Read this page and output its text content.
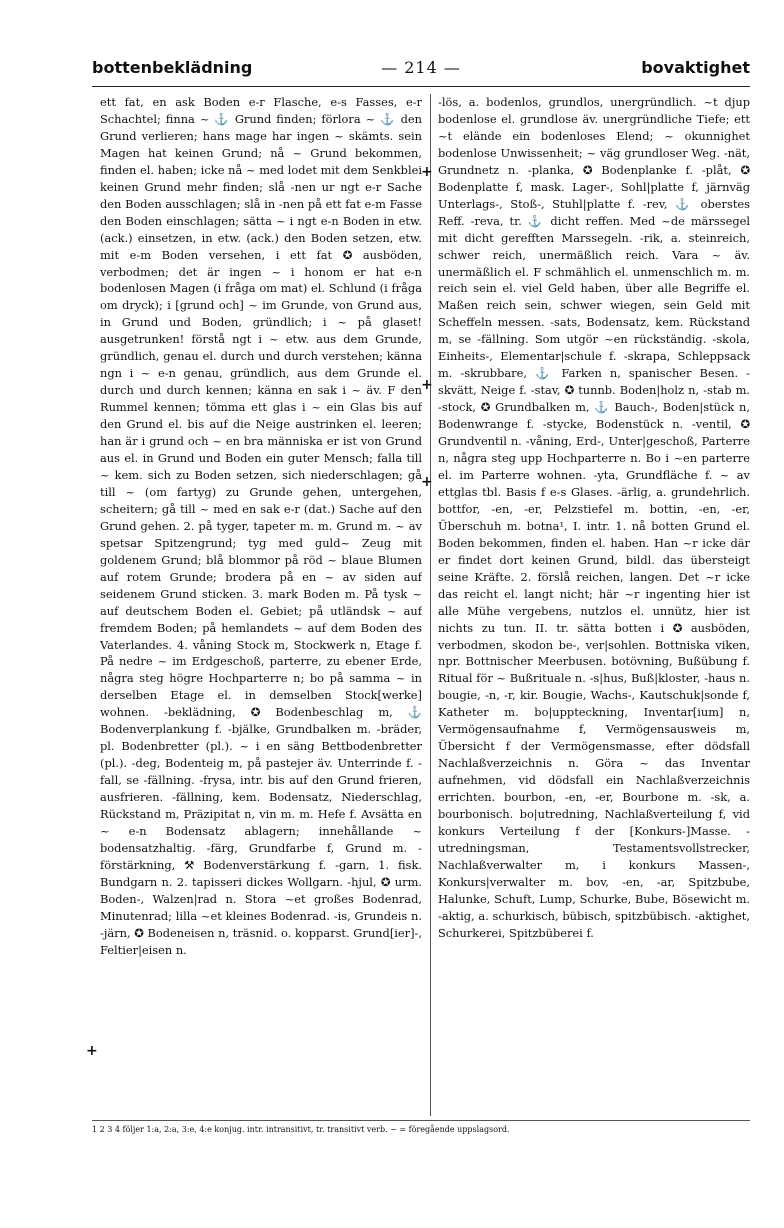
bottenbeklädning	— 214 —	bovaktighet

ett fat, en ask Boden e-r Flasche, e-s Fasses, e-r Schachtel; finna ~ ⚓ Grund finden; förlora ~ ⚓ den Grund verlieren; hans mage har ingen ~ skämts. sein Magen hat keinen Grund; nå ~ Grund bekommen, finden el. haben; icke nå ~ med lodet mit dem Senkblei keinen Grund mehr finden; slå -nen ur ngt e-r Sache den Boden ausschlagen; slå in -nen på ett fat e-m Fasse den Boden einschlagen; sätta ~ i ngt e-n Boden in etw. (ack.) einsetzen, in etw. (ack.) den Boden setzen, etw. mit e-m Boden versehen, i ett fat ✪ ausböden, verbodmen; det är ingen ~ i honom er hat e-n bodenlosen Magen (i fråga om mat) el. Schlund (i fråga om dryck); i [grund och] ~ im Grunde, von Grund aus, in Grund und Boden, gründlich; i ~ på glaset! ausgetrunken! förstå ngt i ~ etw. aus dem Grunde, gründlich, genau el. durch und durch verstehen; känna ngn i ~ e-n genau, gründlich, aus dem Grunde el. durch und durch kennen; känna en sak i ~ äv. F den Rummel kennen; tömma ett glas i ~ ein Glas bis auf den Grund el. bis auf die Neige austrinken el. leeren; han är i grund och ~ en bra människa er ist von Grund aus el. in Grund und Boden ein guter Mensch; falla till ~ kem. sich zu Boden setzen, sich niederschlagen; gå till ~ (om fartyg) zu Grunde gehen, untergehen, scheitern; gå till ~ med en sak e-r (dat.) Sache auf den Grund gehen. 2. på tyger, tapeter m. m. Grund m. ~ av spetsar Spitzengrund; tyg med guld~ Zeug mit goldenem Grund; blå blommor på röd ~ blaue Blumen auf rotem Grunde; brodera på en ~ av siden auf seidenem Grund sticken. 3. mark Boden m. På tysk ~ auf deutschem Boden el. Gebiet; på utländsk ~ auf fremdem Boden; på hemlandets ~ auf dem Boden des Vaterlandes. 4. våning Stock m, Stockwerk n, Etage f. På nedre ~ im Erdgeschoß, parterre, zu ebener Erde, några steg högre Hochparterre n; bo på samma ~ in derselben Etage el. in demselben Stock[werke] wohnen. -beklädning, ✪ Bodenbeschlag m, ⚓ Bodenverplankung f. -bjälke, Grundbalken m. -bräder, pl. Bodenbretter (pl.). ~ i en säng Bettbodenbretter (pl.). -deg, Bodenteig m, på pastejer äv. Unterrinde f. -fall, se -fällning. -frysa, intr. bis auf den Grund frieren, ausfrieren. -fällning, kem. Bodensatz, Niederschlag, Rückstand m, Präzipitat n, vin m. m. Hefe f. Avsätta en ~ e-n Bodensatz ablagern; innehållande ~ bodensatzhaltig. -färg, Grundfarbe f, Grund m. -förstärkning, ⚒ Bodenverstärkung f. -garn, 1. fisk. Bundgarn n. 2. tapisseri dickes Wollgarn. -hjul, ✪ urm. Boden-, Walzen|rad n. Stora ~et großes Bodenrad, Minutenrad; lilla ~et kleines Bodenrad. -is, Grundeis n. -järn, ✪ Bodeneisen n, träsnid. o. kopparst. Grund[ier]-, Feltier|eisen n.

+
+
+
+

-lös, a. bodenlos, grundlos, unergründlich. ~t djup bodenlose el. grundlose äv. unergründliche Tiefe; ett ~t elände ein bodenloses Elend; ~ okunnighet bodenlose Unwissenheit; ~ väg grundloser Weg. -nät, Grundnetz n. -planka, ✪ Bodenplanke f. -plåt, ✪ Bodenplatte f, mask. Lager-, Sohl|platte f, järnväg Unterlags-, Stoß-, Stuhl|platte f. -rev, ⚓ oberstes Reff. -reva, tr. ⚓ dicht reffen. Med ~de märssegel mit dicht gerefften Marssegeln. -rik, a. steinreich, schwer reich, unermäßlich reich. Vara ~ äv. unermäßlich el. F schmählich el. unmenschlich m. m. reich sein el. viel Geld haben, über alle Begriffe el. Maßen reich sein, schwer wiegen, sein Geld mit Scheffeln messen. -sats, Bodensatz, kem. Rückstand m, se -fällning. Som utgör ~en rückständig. -skola, Einheits-, Elementar|schule f. -skrapa, Schleppsack m. -skrubbare, ⚓ Farken n, spanischer Besen. -skvätt, Neige f. -stav, ✪ tunnb. Boden|holz n, -stab m. -stock, ✪ Grundbalken m, ⚓ Bauch-, Boden|stück n, Bodenwrange f. -stycke, Bodenstück n. -ventil, ✪ Grundventil n. -våning, Erd-, Unter|geschoß, Parterre n, några steg upp Hochparterre n. Bo i ~en parterre el. im Parterre wohnen. -yta, Grundfläche f. ~ av ettglas tbl. Basis f e-s Glases. -ärlig, a. grundehrlich. bottfor, -en, -er, Pelzstiefel m. bottin, -en, -er, Überschuh m. botna¹, I. intr. 1. nå botten Grund el. Boden bekommen, finden el. haben. Han ~r icke där er findet dort keinen Grund, bildl. das übersteigt seine Kräfte. 2. förslå reichen, langen. Det ~r icke das reicht el. langt nicht; här ~r ingenting hier ist alle Mühe vergebens, nutzlos el. unnütz, hier ist nichts zu tun. II. tr. sätta botten i ✪ ausböden, verbodmen, skodon be-, ver|sohlen. Bottniska viken, npr. Bottnischer Meerbusen. botövning, Bußübung f. Ritual för ~ Bußrituale n. -s|hus, Buß|kloster, -haus n. bougie, -n, -r, kir. Bougie, Wachs-, Kautschuk|sonde f, Katheter m. bo|uppteckning, Inventar[ium] n, Vermögensaufnahme f, Vermögensausweis m, Übersicht f der Vermögensmasse, efter dödsfall Nachlaßverzeichnis n. Göra ~ das Inventar aufnehmen, vid dödsfall ein Nachlaßverzeichnis errichten. bourbon, -en, -er, Bourbone m. -sk, a. bourbonisch. bo|utredning, Nachlaßverteilung f, vid konkurs Verteilung f der [Konkurs-]Masse. -utredningsman, Testamentsvollstrecker, Nachlaßverwalter m, i konkurs Massen-, Konkurs|verwalter m. bov, -en, -ar, Spitzbube, Halunke, Schuft, Lump, Schurke, Bube, Bösewicht m. -aktig, a. schurkisch, bübisch, spitzbübisch. -aktighet, Schurkerei, Spitzbüberei f.

1 2 3 4 följer 1:a, 2:a, 3:e, 4:e konjug. intr. intransitivt, tr. transitivt verb. ~ = föregående uppslagsord.
